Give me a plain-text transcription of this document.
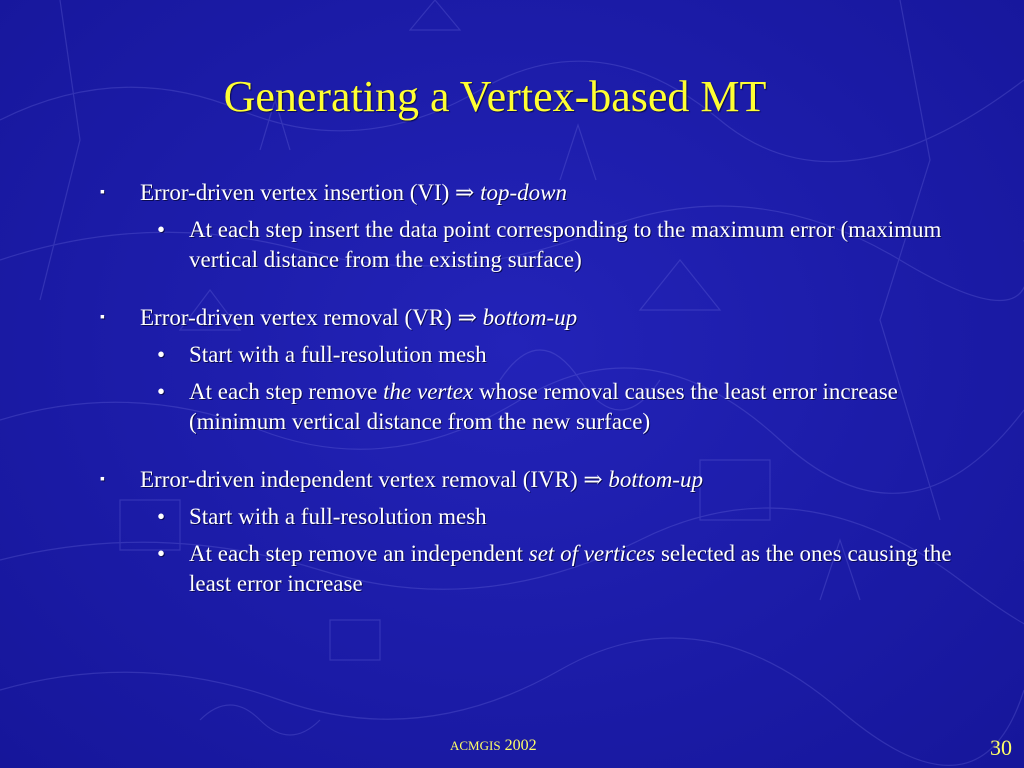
Generating a Vertex-based MT
▪ Error-driven vertex insertion (VI) ⇒ top-down
• At each step insert the data point corresponding to the maximum error (maximum vertical distance from the existing surface)
▪ Error-driven vertex removal (VR) ⇒ bottom-up
• Start with a full-resolution mesh
• At each step remove the vertex whose removal causes the least error increase (minimum vertical distance from the new surface)
▪ Error-driven independent vertex removal (IVR) ⇒ bottom-up
• Start with a full-resolution mesh
• At each step remove an independent set of vertices selected as the ones causing the least error increase
ACMGIS 2002	30
